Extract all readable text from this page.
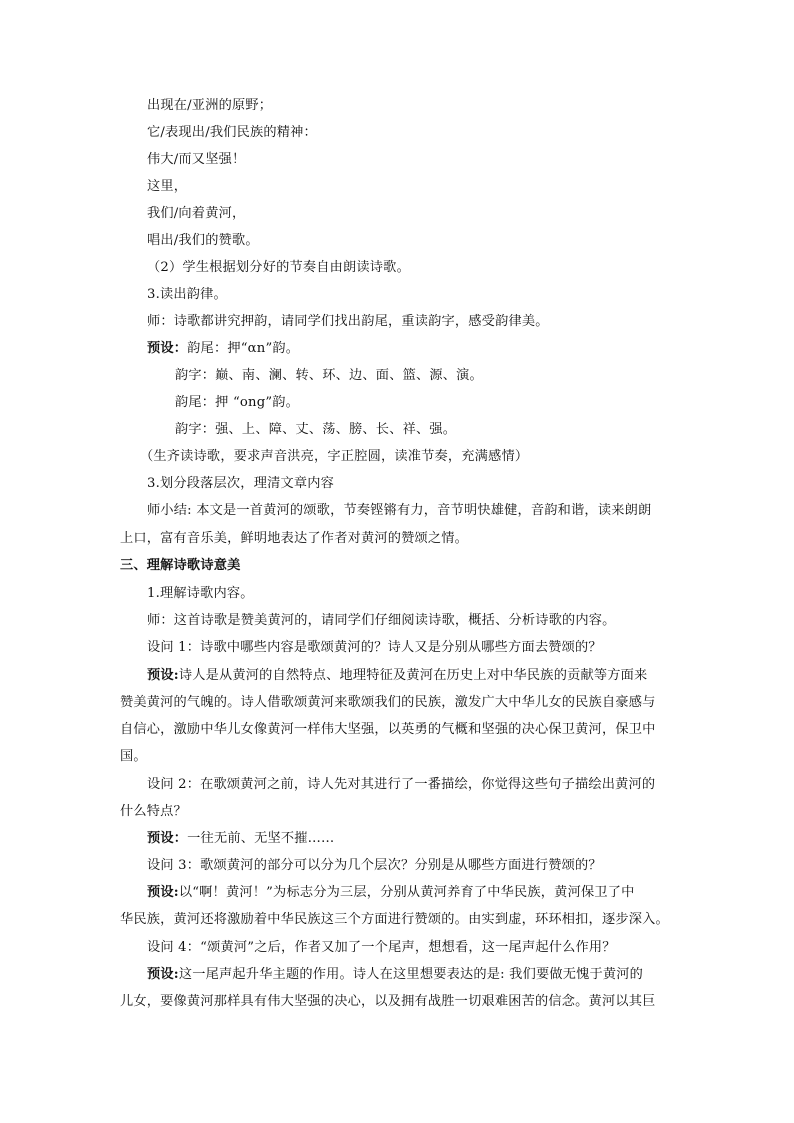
出现在/亚洲的原野；
它/表现出/我们民族的精神：
伟大/而又坚强！
这里，
我们/向着黄河，
唱出/我们的赞歌。
（2）学生根据划分好的节奏自由朗读诗歌。
3.读出韵律。
师：诗歌都讲究押韵，请同学们找出韵尾，重读韵字，感受韵律美。
预设：韵尾：押“αn”韵。
韵字：巅、南、澜、转、环、边、面、篮、源、演。
韵尾：押 “ong”韵。
韵字：强、上、障、丈、荡、膀、长、祥、强。
（生齐读诗歌，要求声音洪亮，字正腔圆，读准节奏，充满感情）
3.划分段落层次，理清文章内容
师小结: 本文是一首黄河的颂歌，节奏铿锵有力，音节明快雄健，音韵和谐，读来朗朗
上口，富有音乐美，鲜明地表达了作者对黄河的赞颂之情。
三、理解诗歌诗意美
1.理解诗歌内容。
师：这首诗歌是赞美黄河的，请同学们仔细阅读诗歌，概括、分析诗歌的内容。
设问 1：诗歌中哪些内容是歌颂黄河的？诗人又是分别从哪些方面去赞颂的？
预设:诗人是从黄河的自然特点、地理特征及黄河在历史上对中华民族的贡献等方面来
赞美黄河的气魄的。诗人借歌颂黄河来歌颂我们的民族，激发广大中华儿女的民族自豪感与
自信心，激励中华儿女像黄河一样伟大坚强，以英勇的气概和坚强的决心保卫黄河，保卫中
国。
设问 2：在歌颂黄河之前，诗人先对其进行了一番描绘，你觉得这些句子描绘出黄河的
什么特点？
预设：一往无前、无坚不摧……
设问 3：歌颂黄河的部分可以分为几个层次？分别是从哪些方面进行赞颂的？
预设:以“啊！黄河！”为标志分为三层，分别从黄河养育了中华民族，黄河保卫了中
华民族，黄河还将激励着中华民族这三个方面进行赞颂的。由实到虚，环环相扣，逐步深入。
设问 4：“颂黄河”之后，作者又加了一个尾声，想想看，这一尾声起什么作用？
预设:这一尾声起升华主题的作用。诗人在这里想要表达的是: 我们要做无愧于黄河的
儿女，要像黄河那样具有伟大坚强的决心，以及拥有战胜一切艰难困苦的信念。黄河以其巨
